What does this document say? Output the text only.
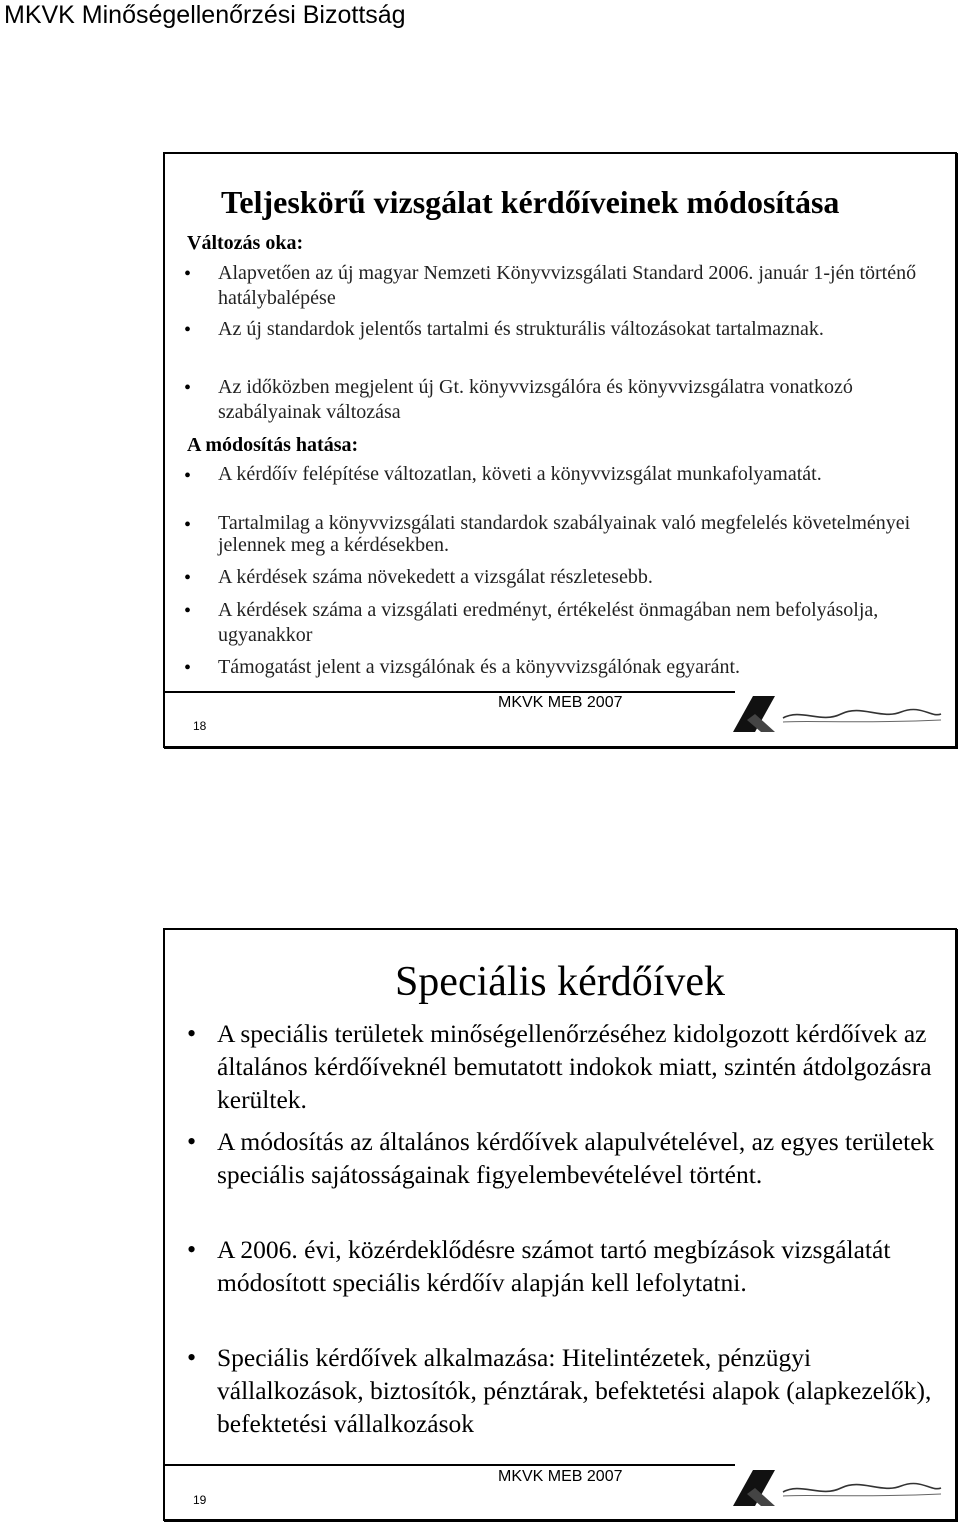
MKVK Minőségellenőrzési Bizottság
Teljeskörű vizsgálat kérdőíveinek módosítása
Változás oka:
• Alapvetően az új magyar Nemzeti Könyvvizsgálati Standard 2006. január 1-jén történő hatálybalépése
• Az új standardok jelentős tartalmi és strukturális változásokat tartalmaznak.
• Az időközben megjelent új Gt. könyvvizsgálóra és könyvvizsgálatra vonatkozó szabályainak változása
A módosítás hatása:
• A kérdőív felépítése változatlan, követi a könyvvizsgálat munkafolyamatát.
• Tartalmilag a könyvvizsgálati standardok szabályainak való megfelelés követelményei jelennek meg a kérdésekben.
• A kérdések száma növekedett a vizsgálat részletesebb.
• A kérdések száma a vizsgálati eredményt, értékelést önmagában nem befolyásolja, ugyanakkor
• Támogatást jelent a vizsgálónak és a könyvvizsgálónak egyaránt.
MKVK MEB 2007
18
Speciális kérdőívek
• A speciális területek minőségellenőrzéséhez kidolgozott kérdőívek az általános kérdőíveknél bemutatott indokok miatt, szintén átdolgozásra kerültek.
• A módosítás az általános kérdőívek alapulvételével, az egyes területek speciális sajátosságainak figyelembevételével történt.
• A 2006. évi, közérdeklődésre számot tartó megbízások vizsgálatát módosított speciális kérdőív alapján kell lefolytatni.
• Speciális kérdőívek alkalmazása: Hitelintézetek, pénzügyi vállalkozások, biztosítók, pénztárak, befektetési alapok (alapkezelők), befektetési vállalkozások
MKVK MEB 2007
19
